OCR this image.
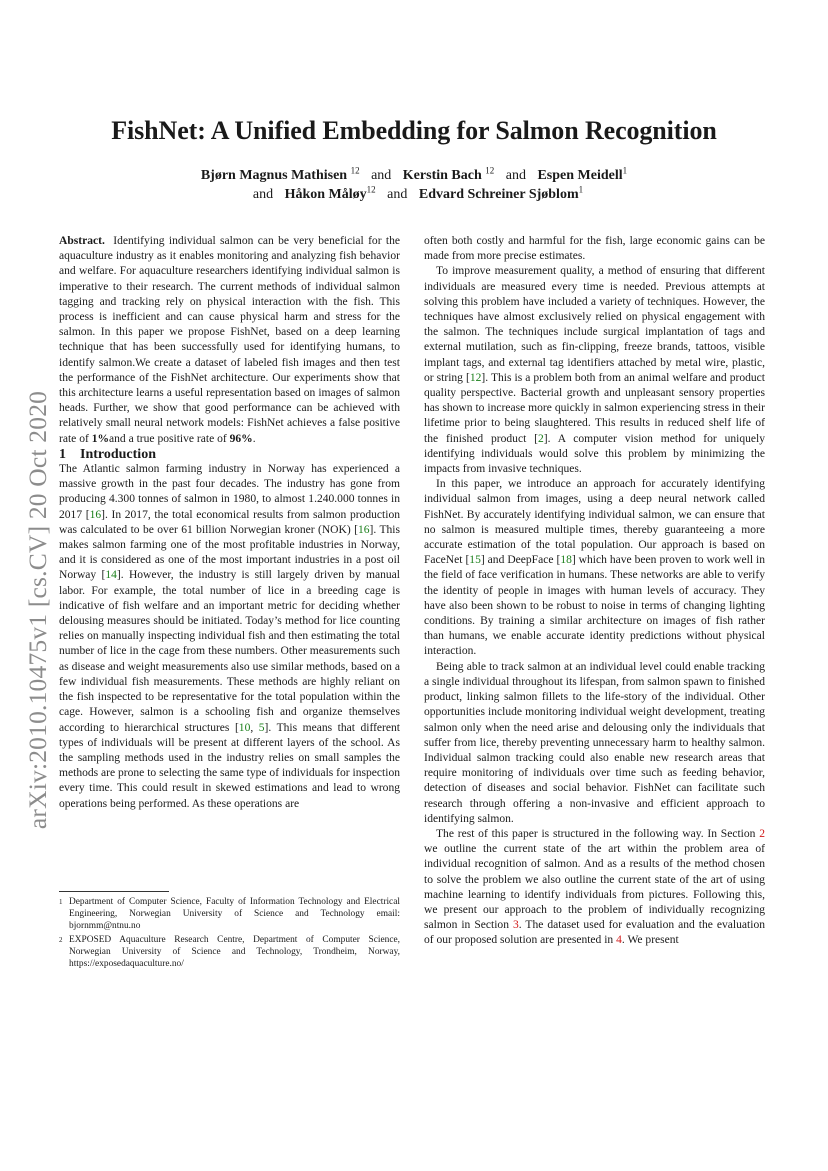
arXiv:2010.10475v1 [cs.CV] 20 Oct 2020
FishNet: A Unified Embedding for Salmon Recognition
Bjørn Magnus Mathisen $^{12}$ and Kerstin Bach $^{12}$ and Espen Meidell$^1$
and Håkon Måløy$^{12}$ and Edvard Schreiner Sjøblom$^1$

Abstract. Identifying individual salmon can be very beneficial for the aquaculture industry as it enables monitoring and analyzing fish behavior and welfare. For aquaculture researchers identifying individual salmon is imperative to their research. The current methods of individual salmon tagging and tracking rely on physical interaction with the fish. This process is inefficient and can cause physical harm and stress for the salmon. In this paper we propose FishNet, based on a deep learning technique that has been successfully used for identifying humans, to identify salmon.We create a dataset of labeled fish images and then test the performance of the FishNet architecture. Our experiments show that this architecture learns a useful representation based on images of salmon heads. Further, we show that good performance can be achieved with relatively small neural network models: FishNet achieves a false positive rate of 1%and a true positive rate of 96%.

1 Introduction

The Atlantic salmon farming industry in Norway has experienced a massive growth in the past four decades. The industry has gone from producing 4.300 tonnes of salmon in 1980, to almost 1.240.000 tonnes in 2017 [16]. In 2017, the total economical results from salmon production was calculated to be over 61 billion Norwegian kroner (NOK) [16]. This makes salmon farming one of the most profitable industries in Norway, and it is considered as one of the most important industries in a post oil Norway [14]. However, the industry is still largely driven by manual labor. For example, the total number of lice in a breeding cage is indicative of fish welfare and an important metric for deciding whether delousing measures should be initiated. Today’s method for lice counting relies on manually inspecting individual fish and then estimating the total number of lice in the cage from these numbers. Other measurements such as disease and weight measurements also use similar methods, based on a few individual fish measurements. These methods are highly reliant on the fish inspected to be representative for the total population within the cage. However, salmon is a schooling fish and organize themselves according to hierarchical structures [10, 5]. This means that different types of individuals will be present at different layers of the school. As the sampling methods used in the industry relies on small samples the methods are prone to selecting the same type of individuals for inspection every time. This could result in skewed estimations and lead to wrong operations being performed. As these operations are

1 Department of Computer Science, Faculty of Information Technology and Electrical Engineering, Norwegian University of Science and Technology email: bjornmm@ntnu.no
2 EXPOSED Aquaculture Research Centre, Department of Computer Science, Norwegian University of Science and Technology, Trondheim, Norway, https://exposedaquaculture.no/

often both costly and harmful for the fish, large economic gains can be made from more precise estimates.

To improve measurement quality, a method of ensuring that different individuals are measured every time is needed. Previous attempts at solving this problem have included a variety of techniques. However, the techniques have almost exclusively relied on physical engagement with the salmon. The techniques include surgical implantation of tags and external mutilation, such as fin-clipping, freeze brands, tattoos, visible implant tags, and external tag identifiers attached by metal wire, plastic, or string [12]. This is a problem both from an animal welfare and product quality perspective. Bacterial growth and unpleasant sensory properties has shown to increase more quickly in salmon experiencing stress in their lifetime prior to being slaughtered. This results in reduced shelf life of the finished product [2]. A computer vision method for uniquely identifying individuals would solve this problem by minimizing the impacts from invasive techniques.

In this paper, we introduce an approach for accurately identifying individual salmon from images, using a deep neural network called FishNet. By accurately identifying individual salmon, we can ensure that no salmon is measured multiple times, thereby guaranteeing a more accurate estimation of the total population. Our approach is based on FaceNet [15] and DeepFace [18] which have been proven to work well in the field of face verification in humans. These networks are able to verify the identity of people in images with human levels of accuracy. They have also been shown to be robust to noise in terms of changing lighting conditions. By training a similar architecture on images of fish rather than humans, we enable accurate identity predictions without physical interaction.

Being able to track salmon at an individual level could enable tracking a single individual throughout its lifespan, from salmon spawn to finished product, linking salmon fillets to the life-story of the individual. Other opportunities include monitoring individual weight development, treating salmon only when the need arise and delousing only the individuals that suffer from lice, thereby preventing unnecessary harm to healthy salmon. Individual salmon tracking could also enable new research areas that require monitoring of individuals over time such as feeding behavior, detection of diseases and social behavior. FishNet can facilitate such research through offering a non-invasive and efficient approach to identifying salmon.

The rest of this paper is structured in the following way. In Section 2 we outline the current state of the art within the problem area of individual recognition of salmon. And as a results of the method chosen to solve the problem we also outline the current state of the art of using machine learning to identify individuals from pictures. Following this, we present our approach to the problem of individually recognizing salmon in Section 3. The dataset used for evaluation and the evaluation of our proposed solution are presented in 4. We present
